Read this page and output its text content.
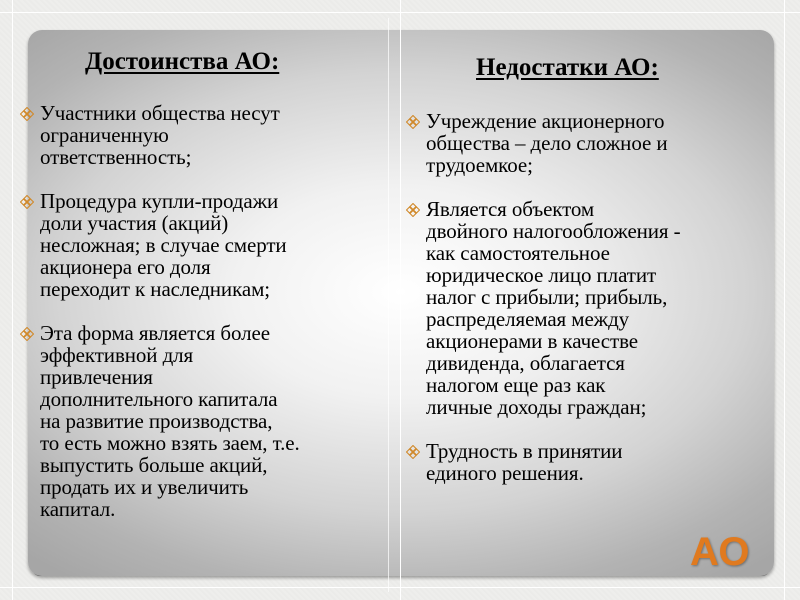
Достоинства АО:
Участники общества несут
ограниченную
ответственность;
Процедура купли-продажи
доли участия (акций)
несложная; в случае смерти
акционера его доля
переходит к наследникам;
Эта форма является более
эффективной для
привлечения
дополнительного капитала
на развитие производства,
то есть можно взять заем, т.е.
выпустить больше акций,
продать их и увеличить
капитал.
Недостатки АО:
Учреждение акционерного
общества – дело сложное и
трудоемкое;
Является объектом
двойного налогообложения -
как самостоятельное
юридическое лицо платит
налог с прибыли; прибыль,
распределяемая между
акционерами в качестве
дивиденда, облагается
налогом еще раз как
личные доходы граждан;
Трудность в принятии
единого решения.
АО
